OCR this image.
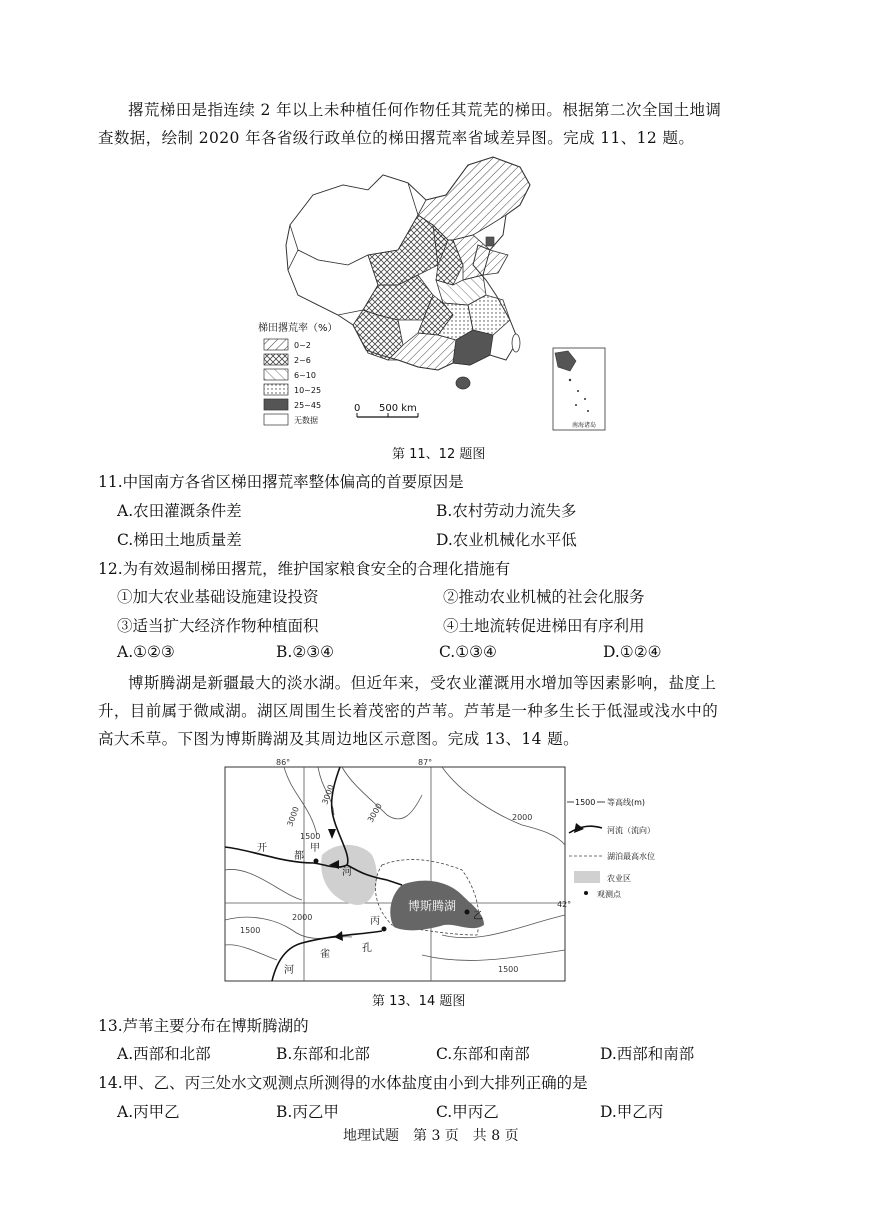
撂荒梯田是指连续 2 年以上未种植任何作物任其荒芜的梯田。根据第二次全国土地调
查数据，绘制 2020 年各省级行政单位的梯田撂荒率省域差异图。完成 11、12 题。
梯田撂荒率（%）
0~2
2~6
6~10
10~25
25~45
无数据
0 500 km
南海诸岛
第 11、12 题图
11.中国南方各省区梯田撂荒率整体偏高的首要原因是
A.农田灌溉条件差	B.农村劳动力流失多
C.梯田土地质量差	D.农业机械化水平低
12.为有效遏制梯田撂荒，维护国家粮食安全的合理化措施有
①加大农业基础设施建设投资	②推动农业机械的社会化服务
③适当扩大经济作物种植面积	④土地流转促进梯田有序利用
A.①②③	B.②③④	C.①③④	D.①②④
博斯腾湖是新疆最大的淡水湖。但近年来，受农业灌溉用水增加等因素影响，盐度上
升，目前属于微咸湖。湖区周围生长着茂密的芦苇。芦苇是一种多生长于低湿或浅水中的
高大禾草。下图为博斯腾湖及其周边地区示意图。完成 13、14 题。
86°	87°
42°
3000
3000
3000	2000
2000
1500
1500
1500
博斯腾湖
开
都
河
雀
孔
河
甲
乙
丙
1500 等高线(m)
河流（流向）
湖泊最高水位
农业区
观测点
第 13、14 题图
13.芦苇主要分布在博斯腾湖的
A.西部和北部	B.东部和北部	C.东部和南部	D.西部和南部
14.甲、乙、丙三处水文观测点所测得的水体盐度由小到大排列正确的是
A.丙甲乙	B.丙乙甲	C.甲丙乙	D.甲乙丙
地理试题　第 3 页　共 8 页
